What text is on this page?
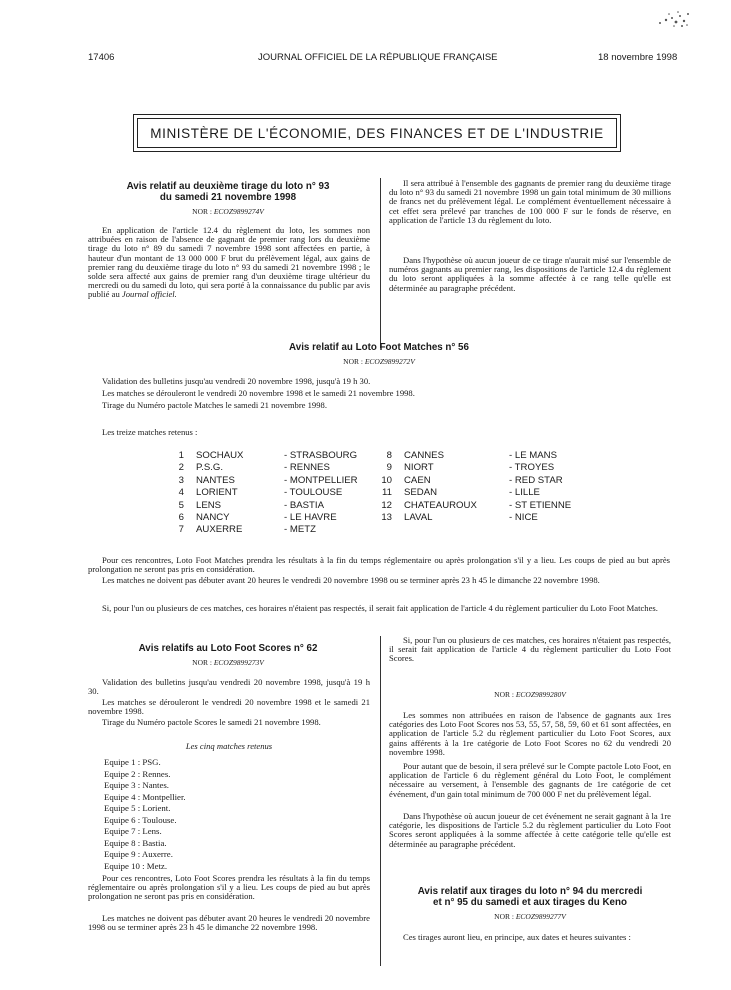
17406	JOURNAL OFFICIEL DE LA RÉPUBLIQUE FRANÇAISE	18 novembre 1998
MINISTÈRE DE L'ÉCONOMIE, DES FINANCES ET DE L'INDUSTRIE
Avis relatif au deuxième tirage du loto n° 93
du samedi 21 novembre 1998
NOR : ECOZ9899274V
En application de l'article 12.4 du règlement du loto, les sommes non attribuées en raison de l'absence de gagnant de premier rang lors du deuxième tirage du loto n° 89 du samedi 7 novembre 1998 sont affectées en partie, à hauteur d'un montant de 13 000 000 F brut du prélèvement légal, aux gains de premier rang du deuxième tirage du loto n° 93 du samedi 21 novembre 1998 ; le solde sera affecté aux gains de premier rang d'un deuxième tirage ultérieur du mercredi ou du samedi du loto, qui sera porté à la connaissance du public par avis publié au Journal officiel.
Il sera attribué à l'ensemble des gagnants de premier rang du deuxième tirage du loto n° 93 du samedi 21 novembre 1998 un gain total minimum de 30 millions de francs net du prélèvement légal. Le complément éventuellement nécessaire à cet effet sera prélevé par tranches de 100 000 F sur le fonds de réserve, en application de l'article 13 du règlement du loto.
Dans l'hypothèse où aucun joueur de ce tirage n'aurait misé sur l'ensemble de numéros gagnants au premier rang, les dispositions de l'article 12.4 du règlement du loto seront appliquées à la somme affectée à ce rang telle qu'elle est déterminée au paragraphe précédent.
Avis relatif au Loto Foot Matches n° 56
NOR : ECOZ9899272V
Validation des bulletins jusqu'au vendredi 20 novembre 1998, jusqu'à 19 h 30.
Les matches se dérouleront le vendredi 20 novembre 1998 et le samedi 21 novembre 1998.
Tirage du Numéro pactole Matches le samedi 21 novembre 1998.
Les treize matches retenus :
1 SOCHAUX	- STRASBOURG
2 P.S.G.	- RENNES
3 NANTES	- MONTPELLIER
4 LORIENT	- TOULOUSE
5 LENS	- BASTIA
6 NANCY	- LE HAVRE
7 AUXERRE	- METZ
8 CANNES	- LE MANS
9 NIORT	- TROYES
10 CAEN	- RED STAR
11 SEDAN	- LILLE
12 CHATEAUROUX	- ST ETIENNE
13 LAVAL	- NICE
Pour ces rencontres, Loto Foot Matches prendra les résultats à la fin du temps réglementaire ou après prolongation s'il y a lieu. Les coups de pied au but après prolongation ne seront pas pris en considération.
Les matches ne doivent pas débuter avant 20 heures le vendredi 20 novembre 1998 ou se terminer après 23 h 45 le dimanche 22 novembre 1998.
Si, pour l'un ou plusieurs de ces matches, ces horaires n'étaient pas respectés, il serait fait application de l'article 4 du règlement particulier du Loto Foot Matches.
Avis relatifs au Loto Foot Scores n° 62
NOR : ECOZ9899273V
Validation des bulletins jusqu'au vendredi 20 novembre 1998, jusqu'à 19 h 30.
Les matches se dérouleront le vendredi 20 novembre 1998 et le samedi 21 novembre 1998.
Tirage du Numéro pactole Scores le samedi 21 novembre 1998.
Les cinq matches retenus
Equipe 1 : PSG.
Equipe 2 : Rennes.
Equipe 3 : Nantes.
Equipe 4 : Montpellier.
Equipe 5 : Lorient.
Equipe 6 : Toulouse.
Equipe 7 : Lens.
Equipe 8 : Bastia.
Equipe 9 : Auxerre.
Equipe 10 : Metz.
Pour ces rencontres, Loto Foot Scores prendra les résultats à la fin du temps réglementaire ou après prolongation s'il y a lieu. Les coups de pied au but après prolongation ne seront pas pris en considération.
Les matches ne doivent pas débuter avant 20 heures le vendredi 20 novembre 1998 ou se terminer après 23 h 45 le dimanche 22 novembre 1998.
Si, pour l'un ou plusieurs de ces matches, ces horaires n'étaient pas respectés, il serait fait application de l'article 4 du règlement particulier du Loto Foot Scores.
NOR : ECOZ9899280V
Les sommes non attribuées en raison de l'absence de gagnants aux 1res catégories des Loto Foot Scores nos 53, 55, 57, 58, 59, 60 et 61 sont affectées, en application de l'article 5.2 du règlement particulier du Loto Foot Scores, aux gains afférents à la 1re catégorie de Loto Foot Scores no 62 du vendredi 20 novembre 1998.
Pour autant que de besoin, il sera prélevé sur le Compte pactole Loto Foot, en application de l'article 6 du règlement général du Loto Foot, le complément nécessaire au versement, à l'ensemble des gagnants de 1re catégorie de cet événement, d'un gain total minimum de 700 000 F net du prélèvement légal.
Dans l'hypothèse où aucun joueur de cet événement ne serait gagnant à la 1re catégorie, les dispositions de l'article 5.2 du règlement particulier du Loto Foot Scores seront appliquées à la somme affectée à cette catégorie telle qu'elle est déterminée au paragraphe précédent.
Avis relatif aux tirages du loto n° 94 du mercredi
et n° 95 du samedi et aux tirages du Keno
NOR : ECOZ9899277V
Ces tirages auront lieu, en principe, aux dates et heures suivantes :
